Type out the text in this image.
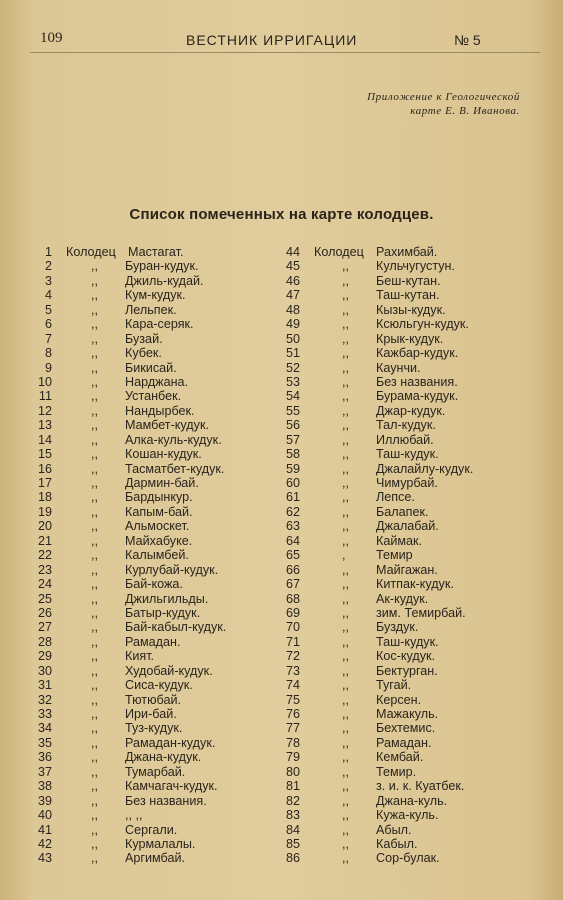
109	ВЕСТНИК ИРРИГАЦИИ	№ 5
Приложение к Геологической
карте Е. В. Иванова.
Список помеченных на карте колодцев.
1 Колодец Мастагат.
2	,, Буран-кудук.
3	,, Джиль-кудай.
4	,, Кум-кудук.
5	,, Лельпек.
6	,, Кара-серяк.
7	,, Бузай.
8	,, Кубек.
9	,, Бикисай.
10	,, Нарджана.
11	,, Устанбек.
12	,, Нандырбек.
13	,, Мамбет-кудук.
14	,, Алка-куль-кудук.
15	,, Кошан-кудук.
16	,, Тасматбет-кудук.
17	,, Дармин-бай.
18	,, Бардынкур.
19	,, Капым-бай.
20	,, Альмоскет.
21	,, Майхабуке.
22	,, Калымбей.
23	,, Курлубай-кудук.
24	,, Бай-кожа.
25	,, Джильгильды.
26	,, Батыр-кудук.
27	,, Бай-кабыл-кудук.
28	,, Рамадан.
29	,, Кият.
30	,, Худобай-кудук.
31	,, Сиса-кудук.
32	,, Тютюбай.
33	,, Ири-бай.
34	,, Туз-кудук.
35	,, Рамадан-кудук.
36	,, Джана-кудук.
37	,, Тумарбай.
38	,, Камчагач-кудук.
39	,, Без названия.
40	,, ,, ,,
41	,, Сергали.
42	,, Курмалалы.
43	,, Аргимбай.
44 Колодец Рахимбай.
45	,, Кульчугустун.
46	,, Беш-кутан.
47	,, Таш-кутан.
48	,, Кызы-кудук.
49	,, Ксюльгун-кудук.
50	,, Крык-кудук.
51	,, Кажбар-кудук.
52	,, Каунчи.
53	,, Без названия.
54	,, Бурама-кудук.
55	,, Джар-кудук.
56	,, Тал-кудук.
57	,, Иллюбай.
58	,, Таш-кудук.
59	,, Джалайлу-кудук.
60	,, Чимурбай.
61	,, Лепсе.
62	,, Балапек.
63	,, Джалабай.
64	,, Каймак.
65	, Темир
66	,, Майгажан.
67	,, Китпак-кудук.
68	,, Ак-кудук.
69	,, зим. Темирбай.
70	,, Буздук.
71	,, Таш-кудук.
72	,, Кос-кудук.
73	,, Бектурган.
74	,, Тугай.
75	,, Керсен.
76	,, Мажакуль.
77	,, Бехтемис.
78	,, Рамадан.
79	,, Кембай.
80	,, Темир.
81	,, з. и. к. Куатбек.
82	,, Джана-куль.
83	,, Кужа-куль.
84	,, Абыл.
85	,, Кабыл.
86	,, Сор-булак.
